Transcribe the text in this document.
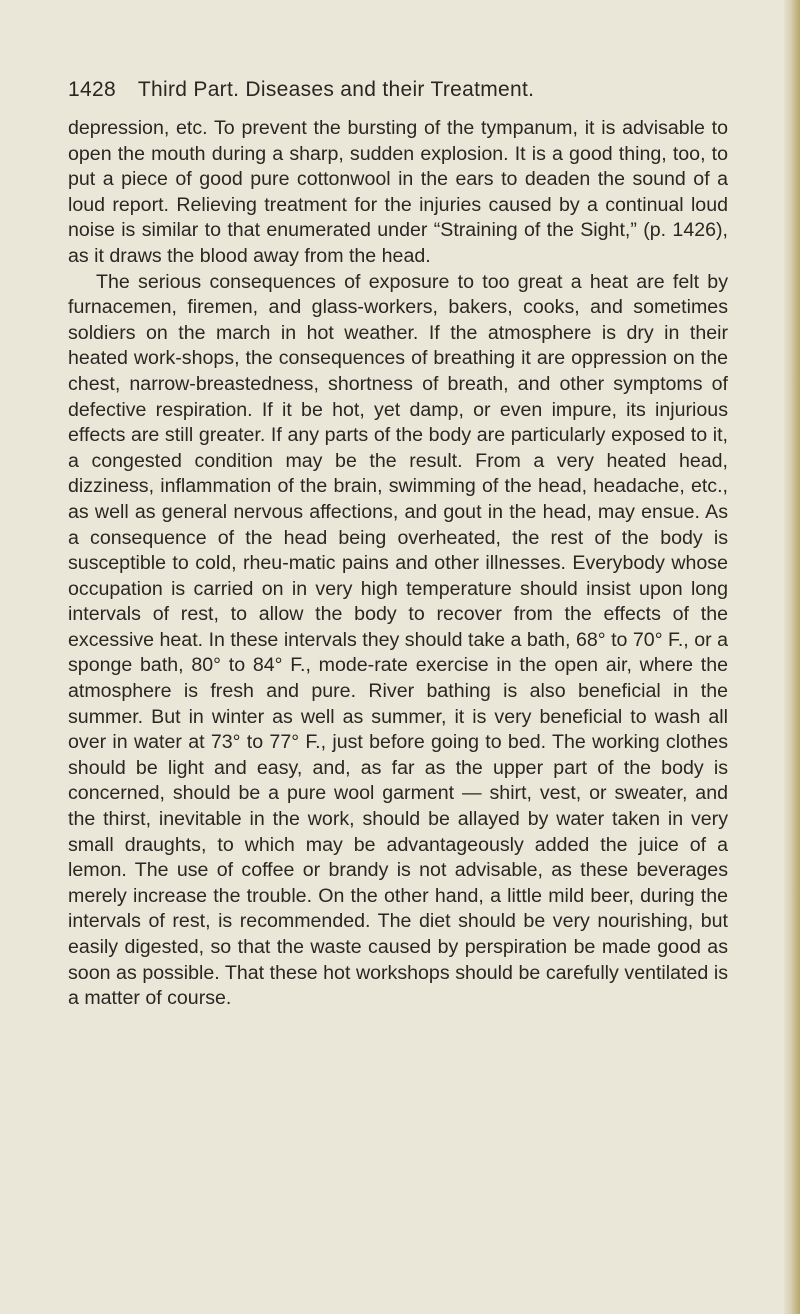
1428 Third Part. Diseases and their Treatment.

depression, etc. To prevent the bursting of the tympanum, it is advisable to open the mouth during a sharp, sudden explosion. It is a good thing, too, to put a piece of good pure cottonwool in the ears to deaden the sound of a loud report. Relieving treatment for the injuries caused by a continual loud noise is similar to that enumerated under “Straining of the Sight,” (p. 1426), as it draws the blood away from the head.

The serious consequences of exposure to too great a heat are felt by furnacemen, firemen, and glass-workers, bakers, cooks, and sometimes soldiers on the march in hot weather. If the atmosphere is dry in their heated work-shops, the consequences of breathing it are oppression on the chest, narrow-breastedness, shortness of breath, and other symptoms of defective respiration. If it be hot, yet damp, or even impure, its injurious effects are still greater. If any parts of the body are particularly exposed to it, a congested condition may be the result. From a very heated head, dizziness, inflammation of the brain, swimming of the head, headache, etc., as well as general nervous affections, and gout in the head, may ensue. As a consequence of the head being overheated, the rest of the body is susceptible to cold, rheu-matic pains and other illnesses. Everybody whose occupation is carried on in very high temperature should insist upon long intervals of rest, to allow the body to recover from the effects of the excessive heat. In these intervals they should take a bath, 68° to 70° F., or a sponge bath, 80° to 84° F., mode-rate exercise in the open air, where the atmosphere is fresh and pure. River bathing is also beneficial in the summer. But in winter as well as summer, it is very beneficial to wash all over in water at 73° to 77° F., just before going to bed. The working clothes should be light and easy, and, as far as the upper part of the body is concerned, should be a pure wool garment — shirt, vest, or sweater, and the thirst, inevitable in the work, should be allayed by water taken in very small draughts, to which may be advantageously added the juice of a lemon. The use of coffee or brandy is not advisable, as these beverages merely increase the trouble. On the other hand, a little mild beer, during the intervals of rest, is recommended. The diet should be very nourishing, but easily digested, so that the waste caused by perspiration be made good as soon as possible. That these hot workshops should be carefully ventilated is a matter of course.
